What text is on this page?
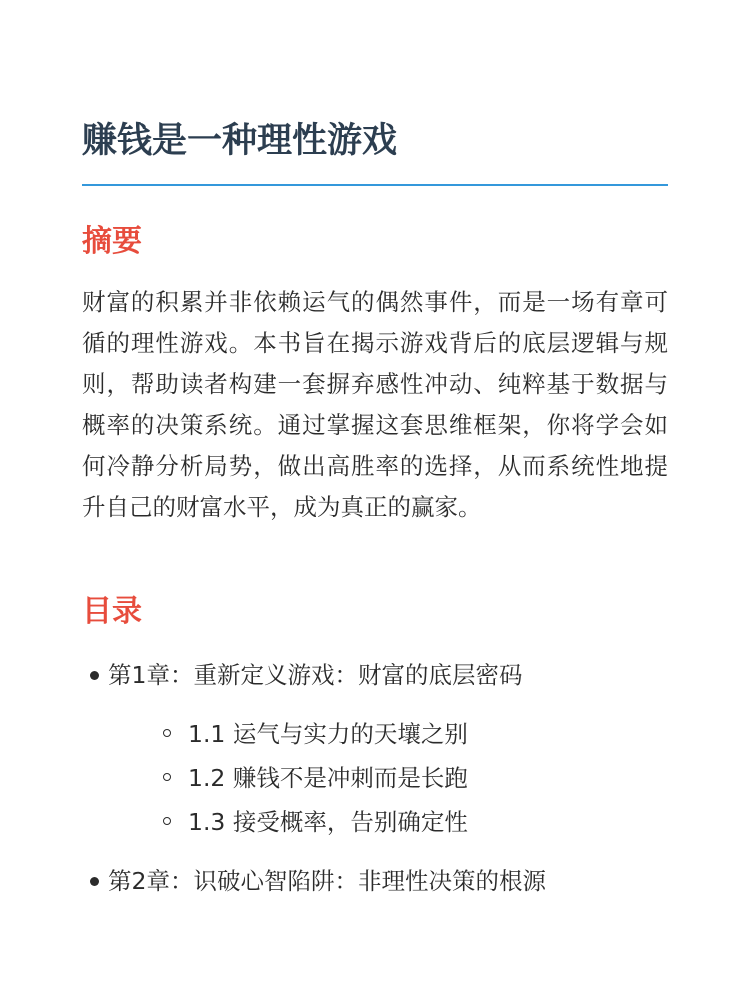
赚钱是一种理性游戏
摘要

财富的积累并非依赖运气的偶然事件，而是一场有章可循的理性游戏。本书旨在揭示游戏背后的底层逻辑与规则，帮助读者构建一套摒弃感性冲动、纯粹基于数据与概率的决策系统。通过掌握这套思维框架，你将学会如何冷静分析局势，做出高胜率的选择，从而系统性地提升自己的财富水平，成为真正的赢家。

目录
第1章：重新定义游戏：财富的底层密码
1.1 运气与实力的天壤之别
1.2 赚钱不是冲刺而是长跑
1.3 接受概率，告别确定性
第2章：识破心智陷阱：非理性决策的根源
